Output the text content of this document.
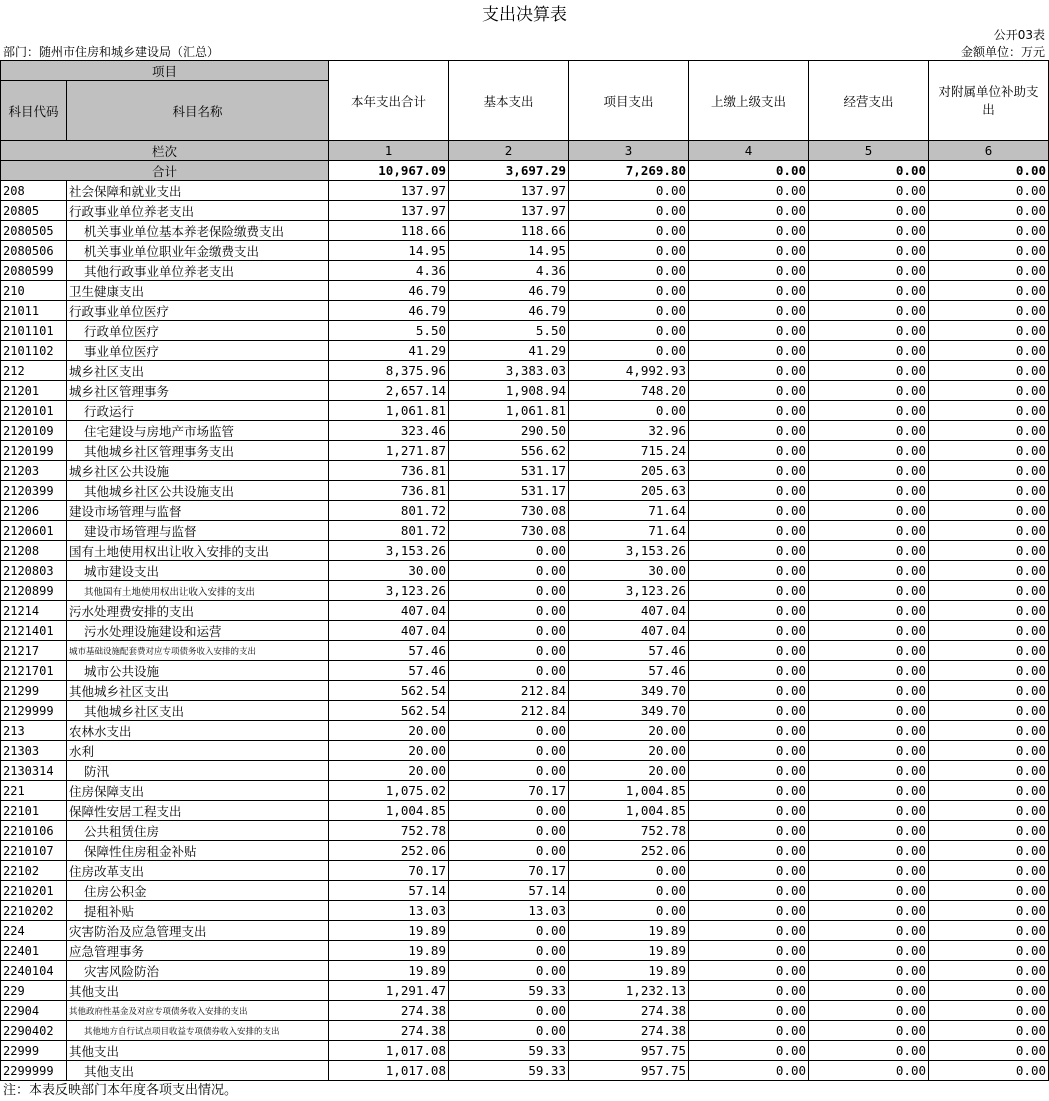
支出决算表
公开03表
部门：随州市住房和城乡建设局（汇总）	金额单位：万元
项目		本年支出合计	基本支出	项目支出	上缴上级支出	经营支出	对附属单位补助支出
科目代码	科目名称						
栏次		1	2	3	4	5	6
合计		10,967.09	3,697.29	7,269.80	0.00	0.00	0.00
208	社会保障和就业支出	137.97	137.97	0.00	0.00	0.00	0.00
20805	行政事业单位养老支出	137.97	137.97	0.00	0.00	0.00	0.00
2080505	机关事业单位基本养老保险缴费支出	118.66	118.66	0.00	0.00	0.00	0.00
2080506	机关事业单位职业年金缴费支出	14.95	14.95	0.00	0.00	0.00	0.00
2080599	其他行政事业单位养老支出	4.36	4.36	0.00	0.00	0.00	0.00
210	卫生健康支出	46.79	46.79	0.00	0.00	0.00	0.00
21011	行政事业单位医疗	46.79	46.79	0.00	0.00	0.00	0.00
2101101	行政单位医疗	5.50	5.50	0.00	0.00	0.00	0.00
2101102	事业单位医疗	41.29	41.29	0.00	0.00	0.00	0.00
212	城乡社区支出	8,375.96	3,383.03	4,992.93	0.00	0.00	0.00
21201	城乡社区管理事务	2,657.14	1,908.94	748.20	0.00	0.00	0.00
2120101	行政运行	1,061.81	1,061.81	0.00	0.00	0.00	0.00
2120109	住宅建设与房地产市场监管	323.46	290.50	32.96	0.00	0.00	0.00
2120199	其他城乡社区管理事务支出	1,271.87	556.62	715.24	0.00	0.00	0.00
21203	城乡社区公共设施	736.81	531.17	205.63	0.00	0.00	0.00
2120399	其他城乡社区公共设施支出	736.81	531.17	205.63	0.00	0.00	0.00
21206	建设市场管理与监督	801.72	730.08	71.64	0.00	0.00	0.00
2120601	建设市场管理与监督	801.72	730.08	71.64	0.00	0.00	0.00
21208	国有土地使用权出让收入安排的支出	3,153.26	0.00	3,153.26	0.00	0.00	0.00
2120803	城市建设支出	30.00	0.00	30.00	0.00	0.00	0.00
2120899	其他国有土地使用权出让收入安排的支出	3,123.26	0.00	3,123.26	0.00	0.00	0.00
21214	污水处理费安排的支出	407.04	0.00	407.04	0.00	0.00	0.00
2121401	污水处理设施建设和运营	407.04	0.00	407.04	0.00	0.00	0.00
21217	城市基础设施配套费对应专项债务收入安排的支出	57.46	0.00	57.46	0.00	0.00	0.00
2121701	城市公共设施	57.46	0.00	57.46	0.00	0.00	0.00
21299	其他城乡社区支出	562.54	212.84	349.70	0.00	0.00	0.00
2129999	其他城乡社区支出	562.54	212.84	349.70	0.00	0.00	0.00
213	农林水支出	20.00	0.00	20.00	0.00	0.00	0.00
21303	水利	20.00	0.00	20.00	0.00	0.00	0.00
2130314	防汛	20.00	0.00	20.00	0.00	0.00	0.00
221	住房保障支出	1,075.02	70.17	1,004.85	0.00	0.00	0.00
22101	保障性安居工程支出	1,004.85	0.00	1,004.85	0.00	0.00	0.00
2210106	公共租赁住房	752.78	0.00	752.78	0.00	0.00	0.00
2210107	保障性住房租金补贴	252.06	0.00	252.06	0.00	0.00	0.00
22102	住房改革支出	70.17	70.17	0.00	0.00	0.00	0.00
2210201	住房公积金	57.14	57.14	0.00	0.00	0.00	0.00
2210202	提租补贴	13.03	13.03	0.00	0.00	0.00	0.00
224	灾害防治及应急管理支出	19.89	0.00	19.89	0.00	0.00	0.00
22401	应急管理事务	19.89	0.00	19.89	0.00	0.00	0.00
2240104	灾害风险防治	19.89	0.00	19.89	0.00	0.00	0.00
229	其他支出	1,291.47	59.33	1,232.13	0.00	0.00	0.00
22904	其他政府性基金及对应专项债务收入安排的支出	274.38	0.00	274.38	0.00	0.00	0.00
2290402	其他地方自行试点项目收益专项债券收入安排的支出	274.38	0.00	274.38	0.00	0.00	0.00
22999	其他支出	1,017.08	59.33	957.75	0.00	0.00	0.00
2299999	其他支出	1,017.08	59.33	957.75	0.00	0.00	0.00
注：本表反映部门本年度各项支出情况。
